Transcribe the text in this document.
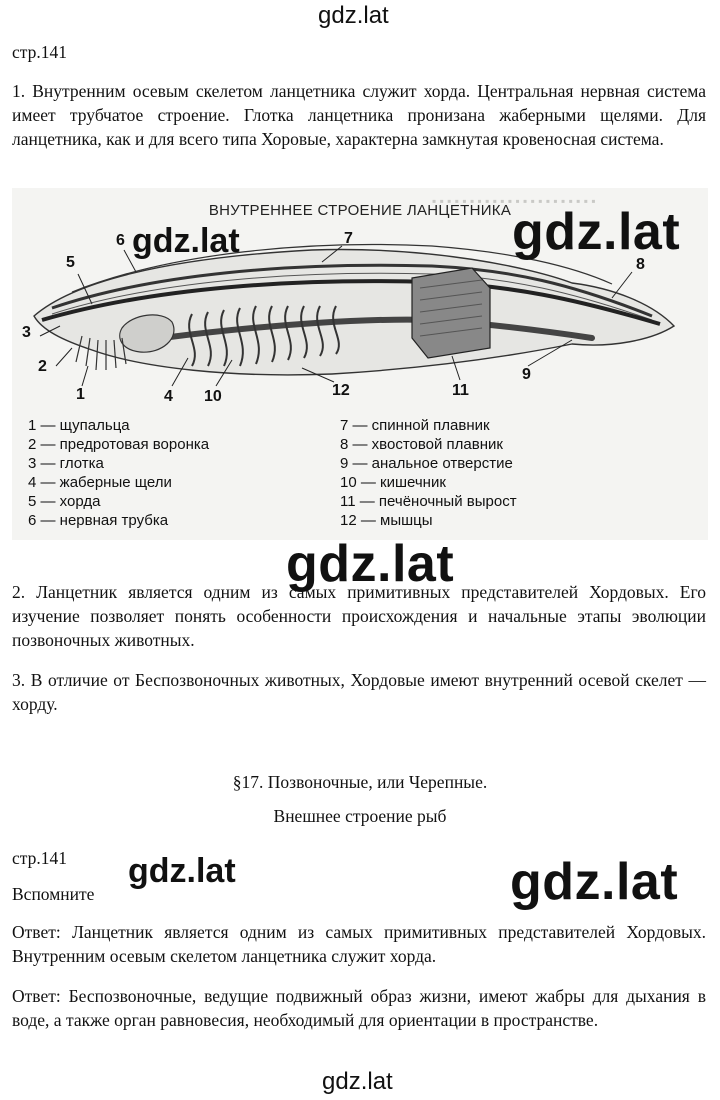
gdz.lat
стр.141

1. Внутренним осевым скелетом ланцетника служит хорда. Центральная нервная система имеет трубчатое строение. Глотка ланцетника пронизана жаберными щелями. Для ланцетника, как и для всего типа Хоровые, характерна замкнутая кровеносная система.

▪ ▪ ▪ ▪ ▪ ▪ ▪ ▪ ▪ ▪ ▪ ▪ ▪ ▪ ▪ ▪ ▪ ▪ ▪ ▪ ▪ ▪
ВНУТРЕННЕЕ СТРОЕНИЕ ЛАНЦЕТНИКА
6	7
5	8
3
2
1	4 10	12	11
9
1 — щупальца
2 — предротовая воронка
3 — глотка
4 — жаберные щели
5 — хорда
6 — нервная трубка
7 — спинной плавник
8 — хвостовой плавник
9 — анальное отверстие
10 — кишечник
11 — печёночный вырост
12 — мышцы
gdz.lat	gdz.lat
gdz.lat

2. Ланцетник является одним из самых примитивных представителей Хордовых. Его изучение позволяет понять особенности происхождения и начальные этапы эволюции позвоночных животных.

3. В отличие от Беспозвоночных животных, Хордовые имеют внутренний осевой скелет — хорду.

§17. Позвоночные, или Черепные.
Внешнее строение рыб
стр.141
Вспомните
gdz.lat	gdz.lat

Ответ: Ланцетник является одним из самых примитивных представителей Хордовых. Внутренним осевым скелетом ланцетника служит хорда.

Ответ: Беспозвоночные, ведущие подвижный образ жизни, имеют жабры для дыхания в воде, а также орган равновесия, необходимый для ориентации в пространстве.

gdz.lat
